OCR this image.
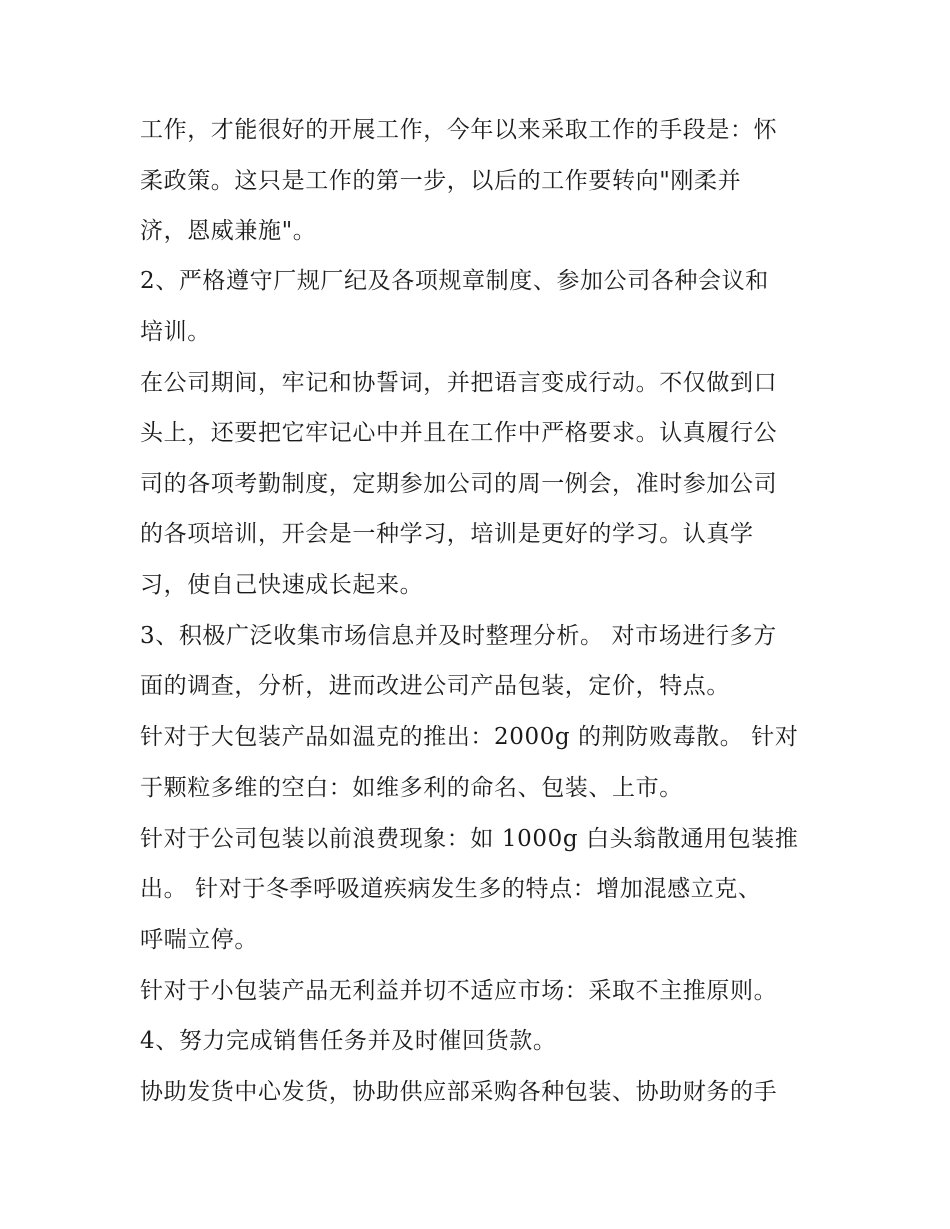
工作，才能很好的开展工作，今年以来采取工作的手段是：怀
柔政策。这只是工作的第一步，以后的工作要转向"刚柔并
济，恩威兼施"。
2、严格遵守厂规厂纪及各项规章制度、参加公司各种会议和
培训。
在公司期间，牢记和协誓词，并把语言变成行动。不仅做到口
头上，还要把它牢记心中并且在工作中严格要求。认真履行公
司的各项考勤制度，定期参加公司的周一例会，准时参加公司
的各项培训，开会是一种学习，培训是更好的学习。认真学
习，使自己快速成长起来。
3、积极广泛收集市场信息并及时整理分析。 对市场进行多方
面的调查，分析，进而改进公司产品包装，定价，特点。
针对于大包装产品如温克的推出：2000g 的荆防败毒散。 针对
于颗粒多维的空白：如维多利的命名、包装、上市。
针对于公司包装以前浪费现象：如 1000g 白头翁散通用包装推
出。 针对于冬季呼吸道疾病发生多的特点：增加混感立克、
呼喘立停。
针对于小包装产品无利益并切不适应市场：采取不主推原则。
4、努力完成销售任务并及时催回货款。
协助发货中心发货，协助供应部采购各种包装、协助财务的手
